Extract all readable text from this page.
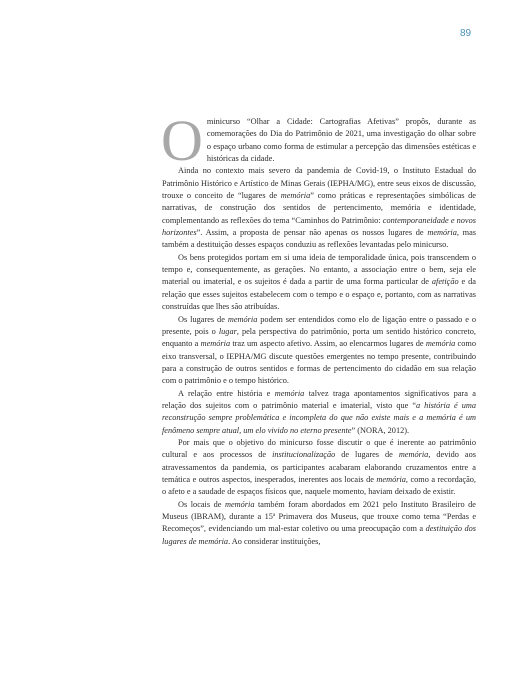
89

Ominicurso “Olhar a Cidade: Cartografias Afetivas” propôs, durante as comemorações do Dia do Patrimônio de 2021, uma investigação do olhar sobre o espaço urbano como forma de estimular a percepção das dimensões estéticas e históricas da cidade.

Ainda no contexto mais severo da pandemia de Covid-19, o Instituto Estadual do Patrimônio Histórico e Artístico de Minas Gerais (IEPHA/MG), entre seus eixos de discussão, trouxe o conceito de “lugares de memória” como práticas e representações simbólicas de narrativas, de construção dos sentidos de pertencimento, memória e identidade, complementando as reflexões do tema “Caminhos do Patrimônio: contemporaneidade e novos horizontes”. Assim, a proposta de pensar não apenas os nossos lugares de memória, mas também a destituição desses espaços conduziu as reflexões levantadas pelo minicurso.

Os bens protegidos portam em si uma ideia de temporalidade única, pois transcendem o tempo e, consequentemente, as gerações. No entanto, a associação entre o bem, seja ele material ou imaterial, e os sujeitos é dada a partir de uma forma particular de afetição e da relação que esses sujeitos estabelecem com o tempo e o espaço e, portanto, com as narrativas construídas que lhes são atribuídas.

Os lugares de memória podem ser entendidos como elo de ligação entre o passado e o presente, pois o lugar, pela perspectiva do patrimônio, porta um sentido histórico concreto, enquanto a memória traz um aspecto afetivo. Assim, ao elencarmos lugares de memória como eixo transversal, o IEPHA/MG discute questões emergentes no tempo presente, contribuindo para a construção de outros sentidos e formas de pertencimento do cidadão em sua relação com o patrimônio e o tempo histórico.

A relação entre história e memória talvez traga apontamentos significativos para a relação dos sujeitos com o patrimônio material e imaterial, visto que “a história é uma reconstrução sempre problemática e incompleta do que não existe mais e a memória é um fenômeno sempre atual, um elo vivido no eterno presente” (NORA, 2012).

Por mais que o objetivo do minicurso fosse discutir o que é inerente ao patrimônio cultural e aos processos de institucionalização de lugares de memória, devido aos atravessamentos da pandemia, os participantes acabaram elaborando cruzamentos entre a temática e outros aspectos, inesperados, inerentes aos locais de memória, como a recordação, o afeto e a saudade de espaços físicos que, naquele momento, haviam deixado de existir.

Os locais de memória também foram abordados em 2021 pelo Instituto Brasileiro de Museus (IBRAM), durante a 15ª Primavera dos Museus, que trouxe como tema “Perdas e Recomeços”, evidenciando um mal-estar coletivo ou uma preocupação com a destituição dos lugares de memória. Ao considerar instituições,
